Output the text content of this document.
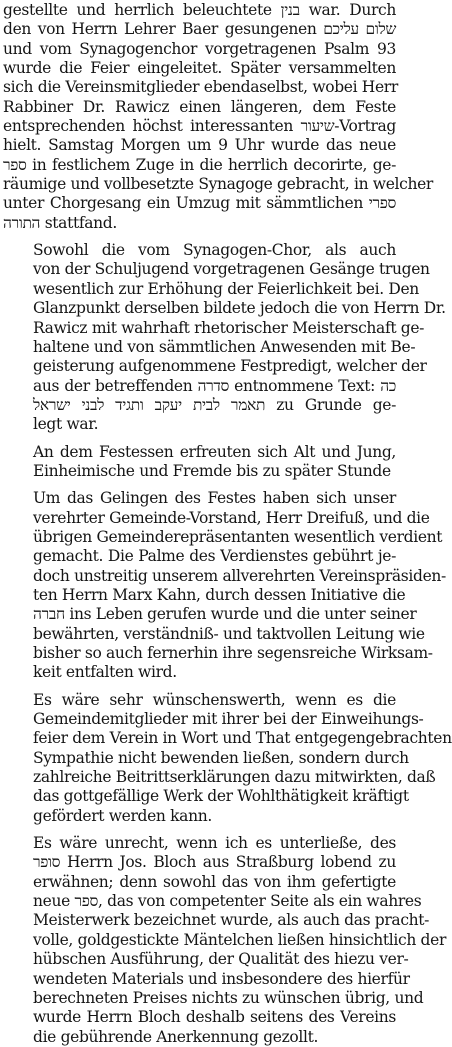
gestellte und herrlich beleuchtete בנין war. Durch
den von Herrn Lehrer Baer gesungenen שלום עליכם
und vom Synagogenchor vorgetragenen Psalm 93
wurde die Feier eingeleitet. Später versammelten
sich die Vereinsmitglieder ebendaselbst, wobei Herr
Rabbiner Dr. Rawicz einen längeren, dem Feste
entsprechenden höchst interessanten שיעור-Vortrag
hielt. Samstag Morgen um 9 Uhr wurde das neue
ספר in festlichem Zuge in die herrlich decorirte, ge-
räumige und vollbesetzte Synagoge gebracht, in welcher
unter Chorgesang ein Umzug mit sämmtlichen ספרי
התורה stattfand.

Sowohl die vom Synagogen-Chor, als auch
von der Schuljugend vorgetragenen Gesänge trugen
wesentlich zur Erhöhung der Feierlichkeit bei. Den
Glanzpunkt derselben bildete jedoch die von Herrn Dr.
Rawicz mit wahrhaft rhetorischer Meisterschaft ge-
haltene und von sämmtlichen Anwesenden mit Be-
geisterung aufgenommene Festpredigt, welcher der
aus der betreffenden סדרה entnommene Text: כה
תאמר לבית יעקב ותגיד לבני ישראל zu Grunde ge-
legt war.

An dem Festessen erfreuten sich Alt und Jung,
Einheimische und Fremde bis zu später Stunde

Um das Gelingen des Festes haben sich unser
verehrter Gemeinde-Vorstand, Herr Dreifuß, und die
übrigen Gemeinderepräsentanten wesentlich verdient
gemacht. Die Palme des Verdienstes gebührt je-
doch unstreitig unserem allverehrten Vereinspräsiden-
ten Herrn Marx Kahn, durch dessen Initiative die
חברה ins Leben gerufen wurde und die unter seiner
bewährten, verständniß- und taktvollen Leitung wie
bisher so auch fernerhin ihre segensreiche Wirksam-
keit entfalten wird.

Es wäre sehr wünschenswerth, wenn es die
Gemeindemitglieder mit ihrer bei der Einweihungs-
feier dem Verein in Wort und That entgegengebrachten
Sympathie nicht bewenden ließen, sondern durch
zahlreiche Beitrittserklärungen dazu mitwirkten, daß
das gottgefällige Werk der Wohlthätigkeit kräftigt
gefördert werden kann.

Es wäre unrecht, wenn ich es unterließe, des
סופר Herrn Jos. Bloch aus Straßburg lobend zu
erwähnen; denn sowohl das von ihm gefertigte
neue ספר, das von competenter Seite als ein wahres
Meisterwerk bezeichnet wurde, als auch das pracht-
volle, goldgestickte Mäntelchen ließen hinsichtlich der
hübschen Ausführung, der Qualität des hiezu ver-
wendeten Materials und insbesondere des hierfür
berechneten Preises nichts zu wünschen übrig, und
wurde Herrn Bloch deshalb seitens des Vereins
die gebührende Anerkennung gezollt.
